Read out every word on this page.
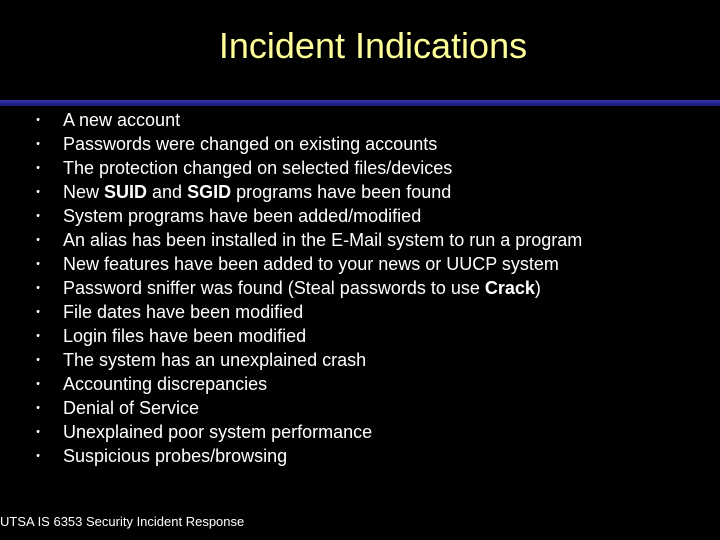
Incident Indications
•	A new account
•	Passwords were changed on existing accounts
•	The protection changed on selected files/devices
•	New SUID and SGID programs have been found
•	System programs have been added/modified
•	An alias has been installed in the E-Mail system to run a program
•	New features have been added to your news or UUCP system
•	Password sniffer was found (Steal passwords to use Crack)
•	File dates have been modified
•	Login files have been modified
•	The system has an unexplained crash
•	Accounting discrepancies
•	Denial of Service
•	Unexplained poor system performance
•	Suspicious probes/browsing
UTSA IS 6353 Security Incident Response
